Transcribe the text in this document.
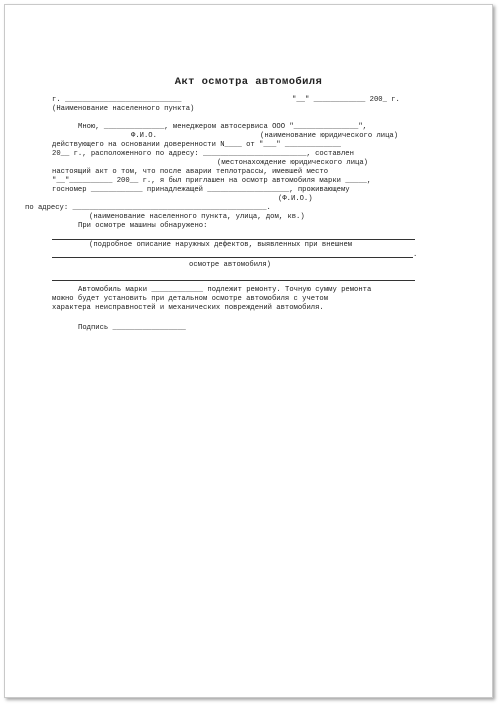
Акт осмотра автомобиля
г. ___________________________	"__" ____________ 200_ г.
(Наименование населенного пункта)
Мною, ______________, менеджером автосервиса ООО "_______________",
Ф.И.О.	(наименование юридического лица)
действующего на основании доверенности N____ от "___" _____________
20__ г., расположенного по адресу: ________________________, составлен
(местонахождение юридического лица)
настоящий акт о том, что после аварии теплотрассы, имевшей место
"__"__________ 200__ г., я был приглашен на осмотр автомобиля марки _____,
госномер ____________ принадлежащей ___________________, проживающему
(Ф.И.О.)
по адресу: _____________________________________________.
(наименование населенного пункта, улица, дом, кв.)
При осмотре машины обнаружено:
(подробное описание наружных дефектов, выявленных при внешнем
.
осмотре автомобиля)
Автомобиль марки ____________ подлежит ремонту. Точную сумму ремонта
можно будет установить при детальном осмотре автомобиля с учетом
характера неисправностей и механических повреждений автомобиля.
Подпись _________________
